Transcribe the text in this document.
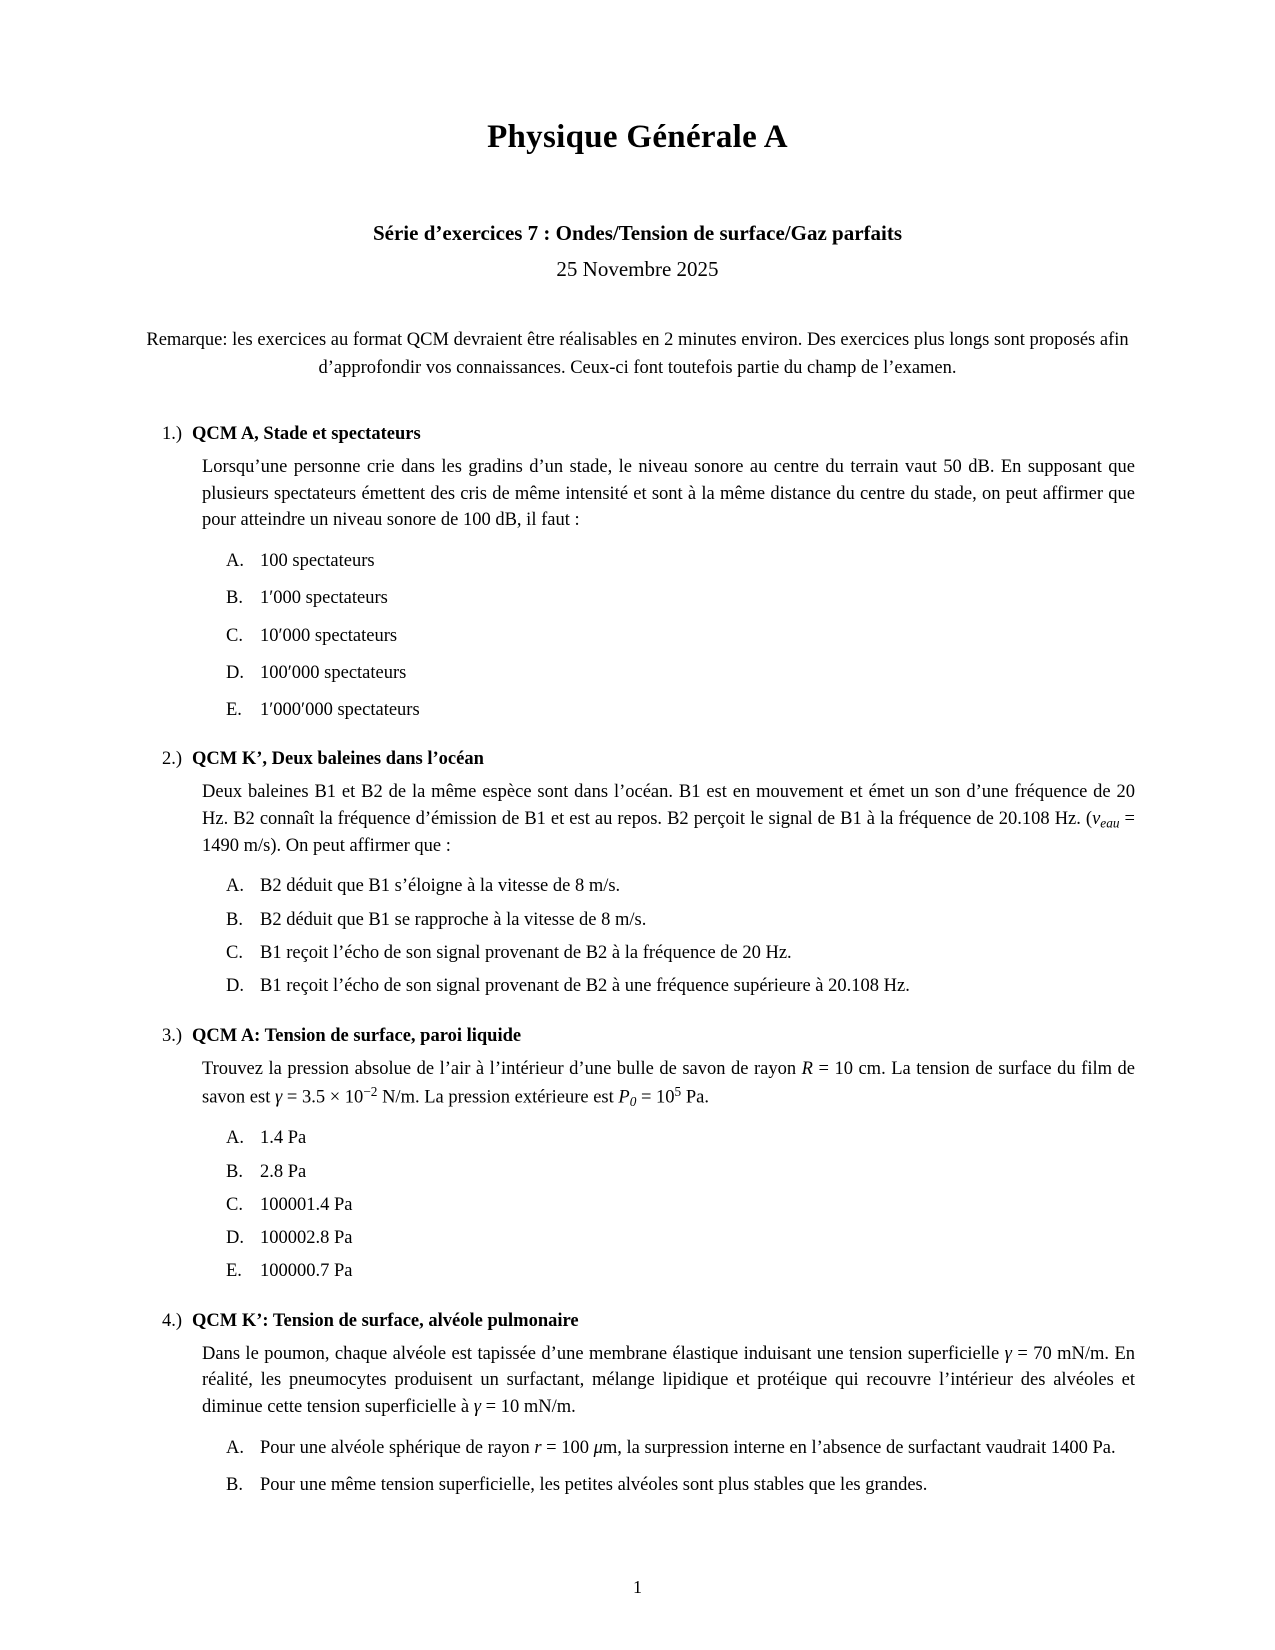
Physique Générale A
Série d’exercices 7 : Ondes/Tension de surface/Gaz parfaits
25 Novembre 2025

Remarque: les exercices au format QCM devraient être réalisables en 2 minutes environ. Des exercices plus longs sont proposés afin d’approfondir vos connaissances. Ceux-ci font toutefois partie du champ de l’examen.

1.) QCM A, Stade et spectateurs

Lorsqu’une personne crie dans les gradins d’un stade, le niveau sonore au centre du terrain vaut 50 dB. En supposant que plusieurs spectateurs émettent des cris de même intensité et sont à la même distance du centre du stade, on peut affirmer que pour atteindre un niveau sonore de 100 dB, il faut :

A. 100 spectateurs
B. 1′000 spectateurs
C. 10′000 spectateurs
D. 100′000 spectateurs
E. 1′000′000 spectateurs
2.) QCM K’, Deux baleines dans l’océan

Deux baleines B1 et B2 de la même espèce sont dans l’océan. B1 est en mouvement et émet un son d’une fréquence de 20 Hz. B2 connaît la fréquence d’émission de B1 et est au repos. B2 perçoit le signal de B1 à la fréquence de 20.108 Hz. ($v_{eau} = 1490$ m/s). On peut affirmer que :

A. B2 déduit que B1 s’éloigne à la vitesse de 8 m/s.
B. B2 déduit que B1 se rapproche à la vitesse de 8 m/s.
C. B1 reçoit l’écho de son signal provenant de B2 à la fréquence de 20 Hz.
D. B1 reçoit l’écho de son signal provenant de B2 à une fréquence supérieure à 20.108 Hz.
3.) QCM A: Tension de surface, paroi liquide

Trouvez la pression absolue de l’air à l’intérieur d’une bulle de savon de rayon R = 10 cm. La tension de surface du film de savon est $\gamma = 3.5 \times 10^{-2}$ N/m. La pression extérieure est $P_0 = 10^5$ Pa.

A. 1.4 Pa
B. 2.8 Pa
C. 100001.4 Pa
D. 100002.8 Pa
E. 100000.7 Pa
4.) QCM K’: Tension de surface, alvéole pulmonaire

Dans le poumon, chaque alvéole est tapissée d’une membrane élastique induisant une tension superficielle γ = 70 mN/m. En réalité, les pneumocytes produisent un surfactant, mélange lipidique et protéique qui recouvre l’intérieur des alvéoles et diminue cette tension superficielle à γ = 10 mN/m.

A. Pour une alvéole sphérique de rayon r = 100 μm, la surpression interne en l’absence de surfactant vaudrait 1400 Pa.
B. Pour une même tension superficielle, les petites alvéoles sont plus stables que les grandes.
1
